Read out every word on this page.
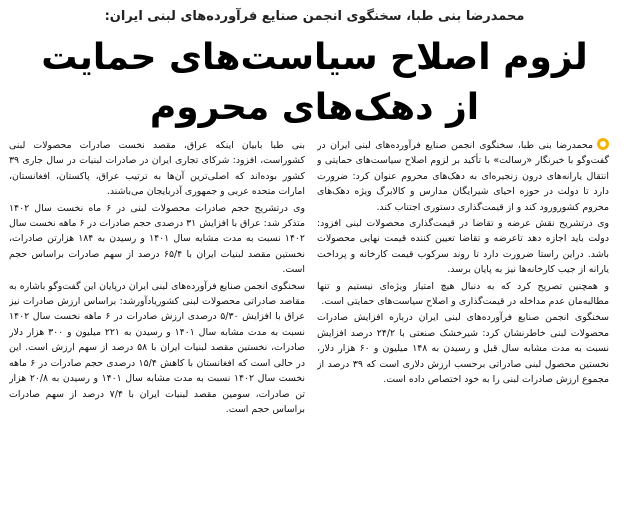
محمدرضا بنی طبا، سخنگوی انجمن صنایع فرآورده‌های لبنی ایران:
لزوم اصلاح سیاست‌های حمایت
از دهک‌های محروم

محمدرضا بنی طبا، سخنگوی انجمن صنایع فرآورده‌های لبنی ایران در گفت‌وگو با خبرنگار «رسالت» با تأکید بر لزوم اصلاح سیاست‌های حمایتی و انتقال یارانه‌های درون زنجیره‌ای به دهک‌های محروم عنوان کرد: ضرورت دارد تا دولت در حوزه احیای شیرایگان مدارس و کالابرگ ویژه دهک‌های محروم کشورورود کند و از قیمت‌گذاری دستوری اجتناب کند.

وی درتشریح نقش عرضه و تقاضا در قیمت‌گذاری محصولات لبنی افزود: دولت باید اجازه دهد تاعرضه و تقاضا تعیین کننده قیمت نهایی محصولات باشد. دراین راستا ضرورت دارد تا روند سرکوب قیمت کارخانه و پرداخت یارانه از جیب کارخانه‌ها نیز به پایان برسد.

و همچنین تصریح کرد که به دنبال هیچ امتیاز ویژه‌ای نیستیم و تنها مطالبه‌مان عدم مداخله در قیمت‌گذاری و اصلاح سیاست‌های حمایتی است.

سخنگوی انجمن صنایع فرآورده‌های لبنی ایران درباره افزایش صادرات محصولات لبنی خاطرنشان کرد: شیرخشک صنعتی با ۲۴/۲ درصد افزایش نسبت به مدت مشابه سال قبل و رسیدن به ۱۴۸ میلیون و ۶۰ هزار دلار، نخستین محصول لبنی صادراتی برحسب ارزش دلاری است که ۳۹ درصد از مجموع ارزش صادرات لبنی را به خود اختصاص داده است.

بنی طبا بابیان اینکه عراق، مقصد نخست صادرات محصولات لبنی کشوراست، افزود: شرکای تجاری ایران در صادرات لبنیات در سال جاری ۳۹ کشور بوده‌اند که اصلی‌ترین آن‌ها به ترتیب عراق، پاکستان، افغانستان، امارات متحده عربی و جمهوری آذربایجان می‌باشند.

وی درتشریح حجم صادرات محصولات لبنی در ۶ ماه نخست سال ۱۴۰۲ متذکر شد: عراق با افزایش ۳۱ درصدی حجم صادرات در ۶ ماهه نخست سال ۱۴۰۲ نسبت به مدت مشابه سال ۱۴۰۱ و رسیدن به ۱۸۴ هزارتن صادرات، نخستین مقصد لبنیات ایران با ۶۵/۴ درصد از سهم صادرات براساس حجم است.

سخنگوی انجمن صنایع فرآورده‌های لبنی ایران درپایان این گفت‌وگو باشاره به مقاصد صادراتی محصولات لبنی کشوریادآورشد: براساس ارزش صادرات نیز عراق با افزایش ۵/۳۰ درصدی ارزش صادرات در ۶ ماهه نخست سال ۱۴۰۲ نسبت به مدت مشابه سال ۱۴۰۱ و رسیدن به ۲۲۱ میلیون و ۳۰۰ هزار دلار صادرات، نخستین مقصد لبنیات ایران با ۵۸ درصد از سهم ارزش است. این در حالی است که افغانستان با کاهش ۱۵/۴ درصدی حجم صادرات در ۶ ماهه نخست سال ۱۴۰۲ نسبت به مدت مشابه سال ۱۴۰۱ و رسیدن به ۲۰/۸ هزار تن صادرات، سومین مقصد لبنیات ایران با ۷/۴ درصد از سهم صادرات براساس حجم است.
